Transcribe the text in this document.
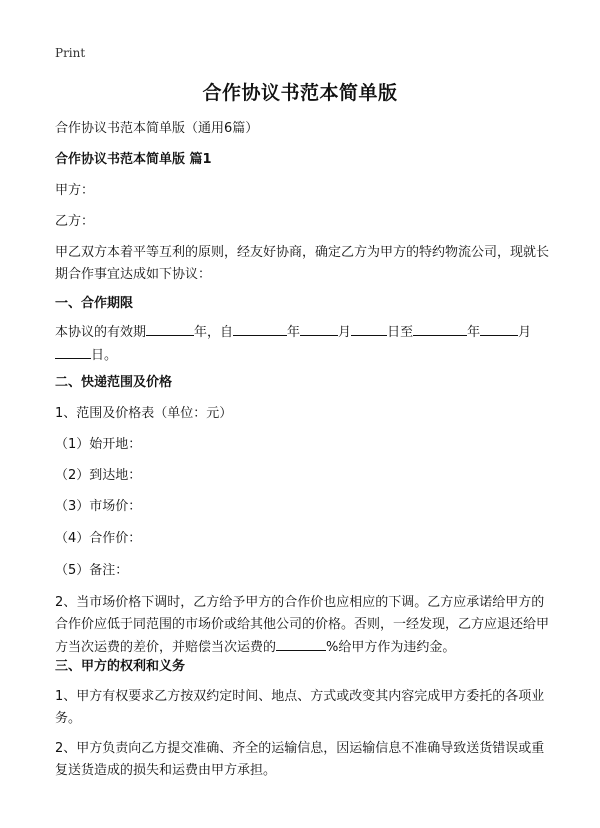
Print
合作协议书范本简单版
合作协议书范本简单版（通用6篇）
合作协议书范本简单版 篇1
甲方：
乙方：
甲乙双方本着平等互利的原则，经友好协商，确定乙方为甲方的特约物流公司，现就长期合作事宜达成如下协议：
一、合作期限
本协议的有效期	年，自	年	月	日至	年	月
日。
二、快递范围及价格
1、范围及价格表（单位：元）
（1）始开地：
（2）到达地：
（3）市场价：
（4）合作价：
（5）备注：
2、当市场价格下调时，乙方给予甲方的合作价也应相应的下调。乙方应承诺给甲方的合作价应低于同范围的市场价或给其他公司的价格。否则，一经发现，乙方应退还给甲方当次运费的差价，并赔偿当次运费的	%给甲方作为违约金。
三、甲方的权利和义务
1、甲方有权要求乙方按双约定时间、地点、方式或改变其内容完成甲方委托的各项业务。
2、甲方负责向乙方提交准确、齐全的运输信息，因运输信息不准确导致送货错误或重复送货造成的损失和运费由甲方承担。
